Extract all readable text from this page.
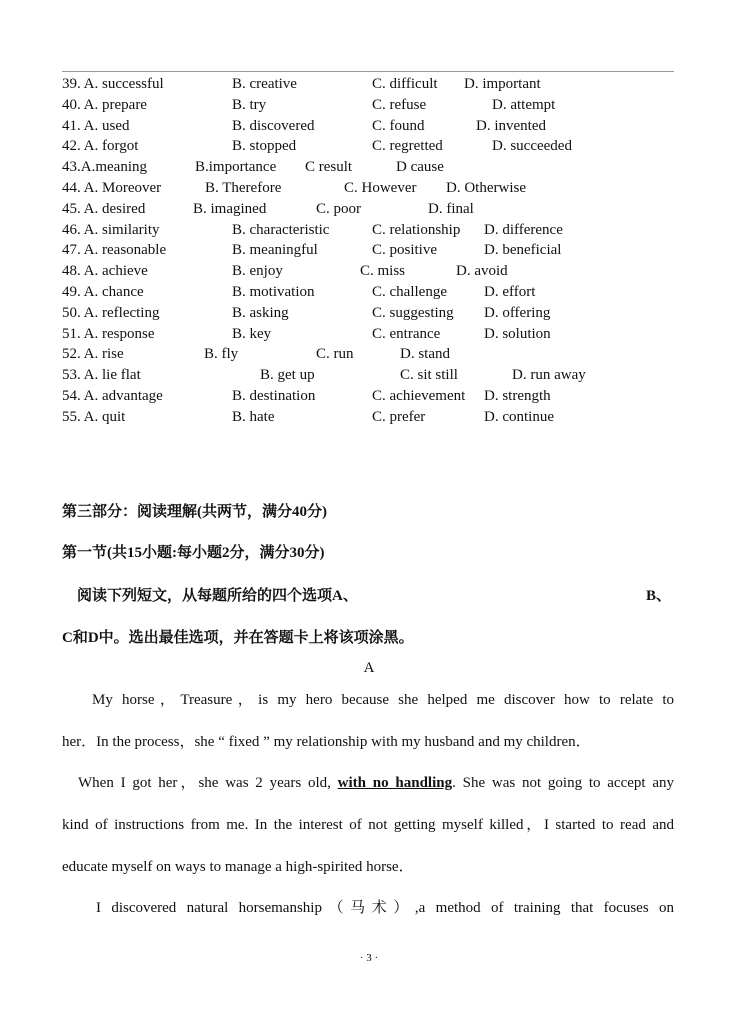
39. A. successful	B. creative	C. difficult D. important
40. A. prepare	B. try	C. refuse	D. attempt
41. A. used	B. discovered	C. found	D. invented
42. A. forgot	B. stopped	C. regretted	D. succeeded
43.A.meaning	B.importance C result	D cause
44. A. Moreover	B. Therefore	C. However D. Otherwise
45. A. desired	B. imagined	C. poor	D. final
46. A. similarity	B. characteristic	C. relationship D. difference
47. A. reasonable	B. meaningful	C. positive	D. beneficial
48. A. achieve	B. enjoy	C. miss	D. avoid
49. A. chance	B. motivation	C. challenge D. effort
50. A. reflecting	B. asking	C. suggesting D. offering
51. A. response	B. key	C. entrance	D. solution
52. A. rise	B. fly	C. run	D. stand
53. A. lie flat	B. get up	C. sit still	D. run away
54. A. advantage	B. destination	C. achievement D. strength
55. A. quit	B. hate	C. prefer	D. continue
第三部分：阅读理解(共两节，满分40分)
第一节(共15小题:每小题2分，满分30分)
阅读下列短文，从每题所给的四个选项A、	B、
C和D中。选出最佳选项，并在答题卡上将该项涂黑。
A
My horse，Treasure，is my hero because she helped me discover how to relate to
her．In the process，she “ fixed ” my relationship with my husband and my children．
When I got her，she was 2 years old, with no handling. She was not going to accept any
kind of instructions from me. In the interest of not getting myself killed，I started to read and
educate myself on ways to manage a high-spirited horse．
I discovered natural horsemanship（马术）,a method of training that focuses on
· 3 ·
